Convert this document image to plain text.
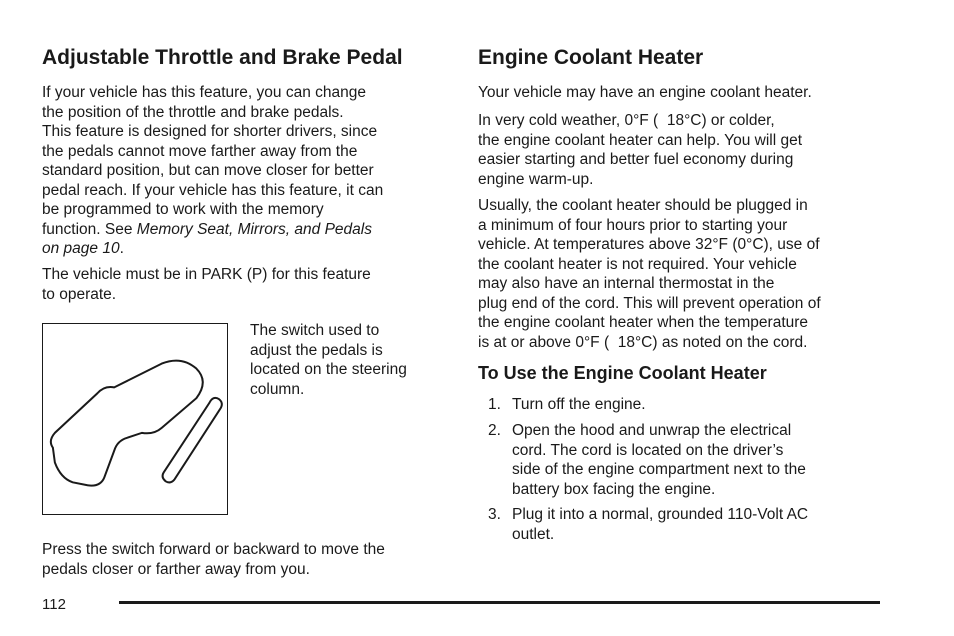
Adjustable Throttle and Brake Pedal
If your vehicle has this feature, you can change
the position of the throttle and brake pedals.
This feature is designed for shorter drivers, since
the pedals cannot move farther away from the
standard position, but can move closer for better
pedal reach. If your vehicle has this feature, it can
be programmed to work with the memory
function. See Memory Seat, Mirrors, and Pedals
on page 10.
The vehicle must be in PARK (P) for this feature
to operate.
The switch used to
adjust the pedals is
located on the steering
column.
Press the switch forward or backward to move the
pedals closer or farther away from you.
Engine Coolant Heater
Your vehicle may have an engine coolant heater.
In very cold weather, 0°F (  18°C) or colder,
the engine coolant heater can help. You will get
easier starting and better fuel economy during
engine warm-up.
Usually, the coolant heater should be plugged in
a minimum of four hours prior to starting your
vehicle. At temperatures above 32°F (0°C), use of
the coolant heater is not required. Your vehicle
may also have an internal thermostat in the
plug end of the cord. This will prevent operation of
the engine coolant heater when the temperature
is at or above 0°F (  18°C) as noted on the cord.
To Use the Engine Coolant Heater
1. Turn off the engine.
2. Open the hood and unwrap the electrical
cord. The cord is located on the driver’s
side of the engine compartment next to the
battery box facing the engine.
3. Plug it into a normal, grounded 110-Volt AC
outlet.
112
